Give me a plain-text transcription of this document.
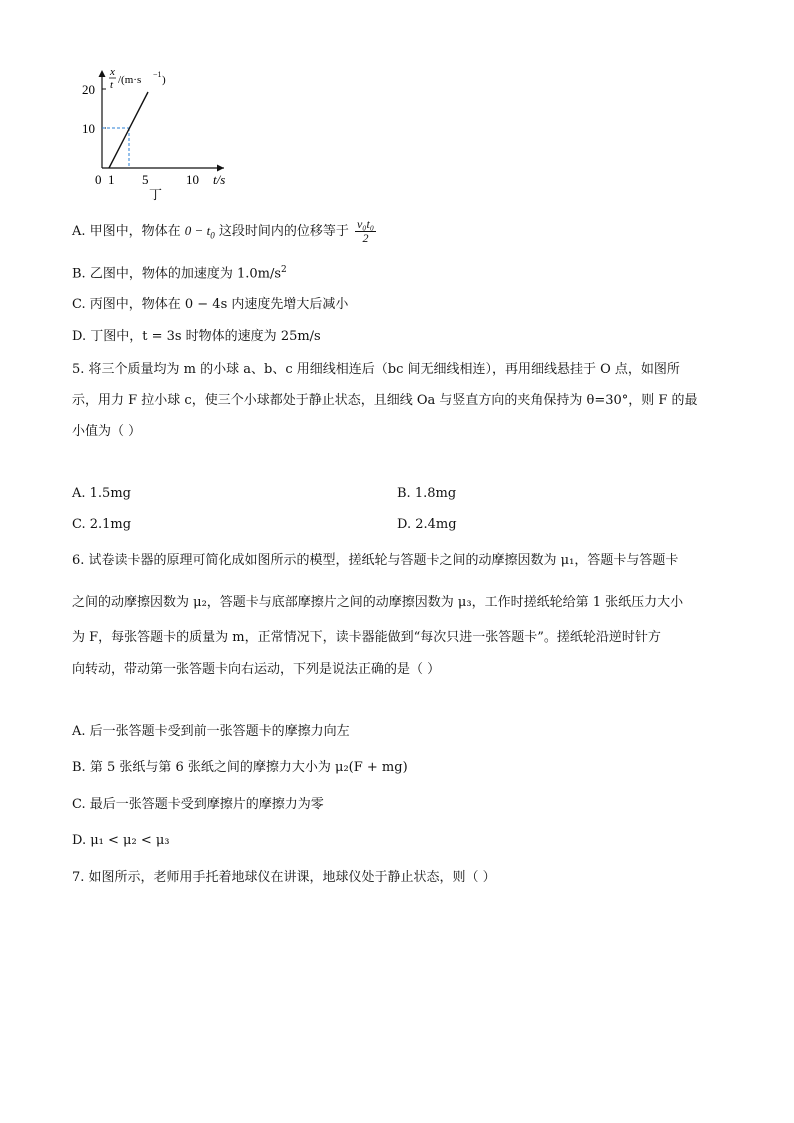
x
t /(m·s −1 )
20
10
0 1 5	10 t/s
丁
A. 甲图中，物体在 $0 - t_0$ 这段时间内的位移等于 $\frac{\text{v₀t₀}}{2}$
B. 乙图中，物体的加速度为 $1.0m/s^2$
C. 丙图中，物体在 0 − 4s 内速度先增大后减小
D. 丁图中，t = 3s 时物体的速度为 25m/s
5. 将三个质量均为 m 的小球 a、b、c 用细线相连后（bc 间无细线相连），再用细线悬挂于 O 点，如图所
示，用力 F 拉小球 c，使三个小球都处于静止状态，且细线 Oa 与竖直方向的夹角保持为 θ=30°，则 F 的最
小值为（ ）
A. 1.5mg	B. 1.8mg
C. 2.1mg	D. 2.4mg
6. 试卷读卡器的原理可简化成如图所示的模型，搓纸轮与答题卡之间的动摩擦因数为 μ₁，答题卡与答题卡
之间的动摩擦因数为 μ₂，答题卡与底部摩擦片之间的动摩擦因数为 μ₃，工作时搓纸轮给第 1 张纸压力大小
为 F，每张答题卡的质量为 m，正常情况下，读卡器能做到“每次只进一张答题卡”。搓纸轮沿逆时针方
向转动，带动第一张答题卡向右运动，下列是说法正确的是（ ）
A. 后一张答题卡受到前一张答题卡的摩擦力向左
B. 第 5 张纸与第 6 张纸之间的摩擦力大小为 μ₂(F + mg)
C. 最后一张答题卡受到摩擦片的摩擦力为零
D. μ₁ < μ₂ < μ₃
7. 如图所示，老师用手托着地球仪在讲课，地球仪处于静止状态，则（ ）
